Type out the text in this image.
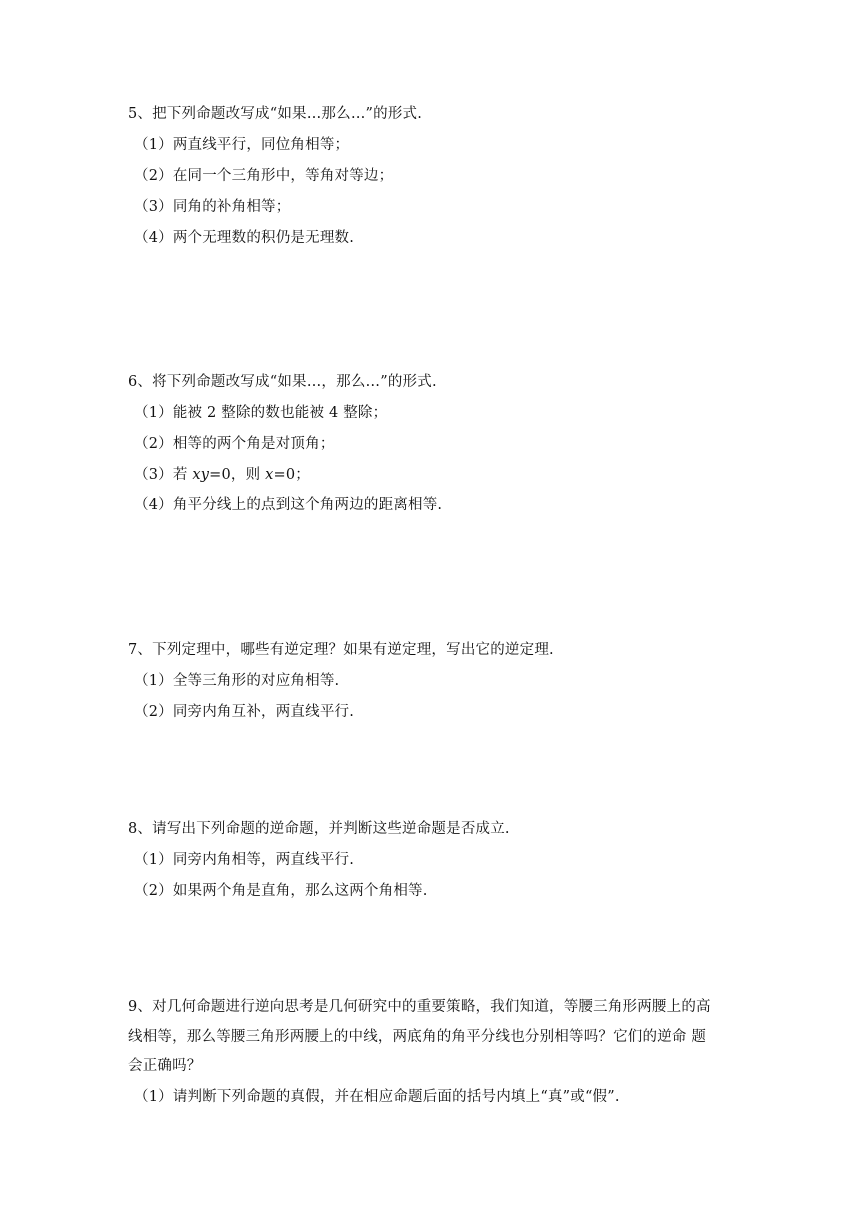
5、把下列命题改写成“如果…那么…”的形式.
（1）两直线平行，同位角相等；
（2）在同一个三角形中，等角对等边；
（3）同角的补角相等；
（4）两个无理数的积仍是无理数.
6、将下列命题改写成“如果…，那么…”的形式.
（1）能被 2 整除的数也能被 4 整除；
（2）相等的两个角是对顶角；
（3）若 xy=0，则 x=0；
（4）角平分线上的点到这个角两边的距离相等.
7、下列定理中，哪些有逆定理？如果有逆定理，写出它的逆定理.
（1）全等三角形的对应角相等.
（2）同旁内角互补，两直线平行.
8、请写出下列命题的逆命题，并判断这些逆命题是否成立.
（1）同旁内角相等，两直线平行.
（2）如果两个角是直角，那么这两个角相等.
9、对几何命题进行逆向思考是几何研究中的重要策略，我们知道，等腰三角形两腰上的高
线相等，那么等腰三角形两腰上的中线，两底角的角平分线也分别相等吗？它们的逆命 题
会正确吗？
（1）请判断下列命题的真假，并在相应命题后面的括号内填上“真”或“假”.
